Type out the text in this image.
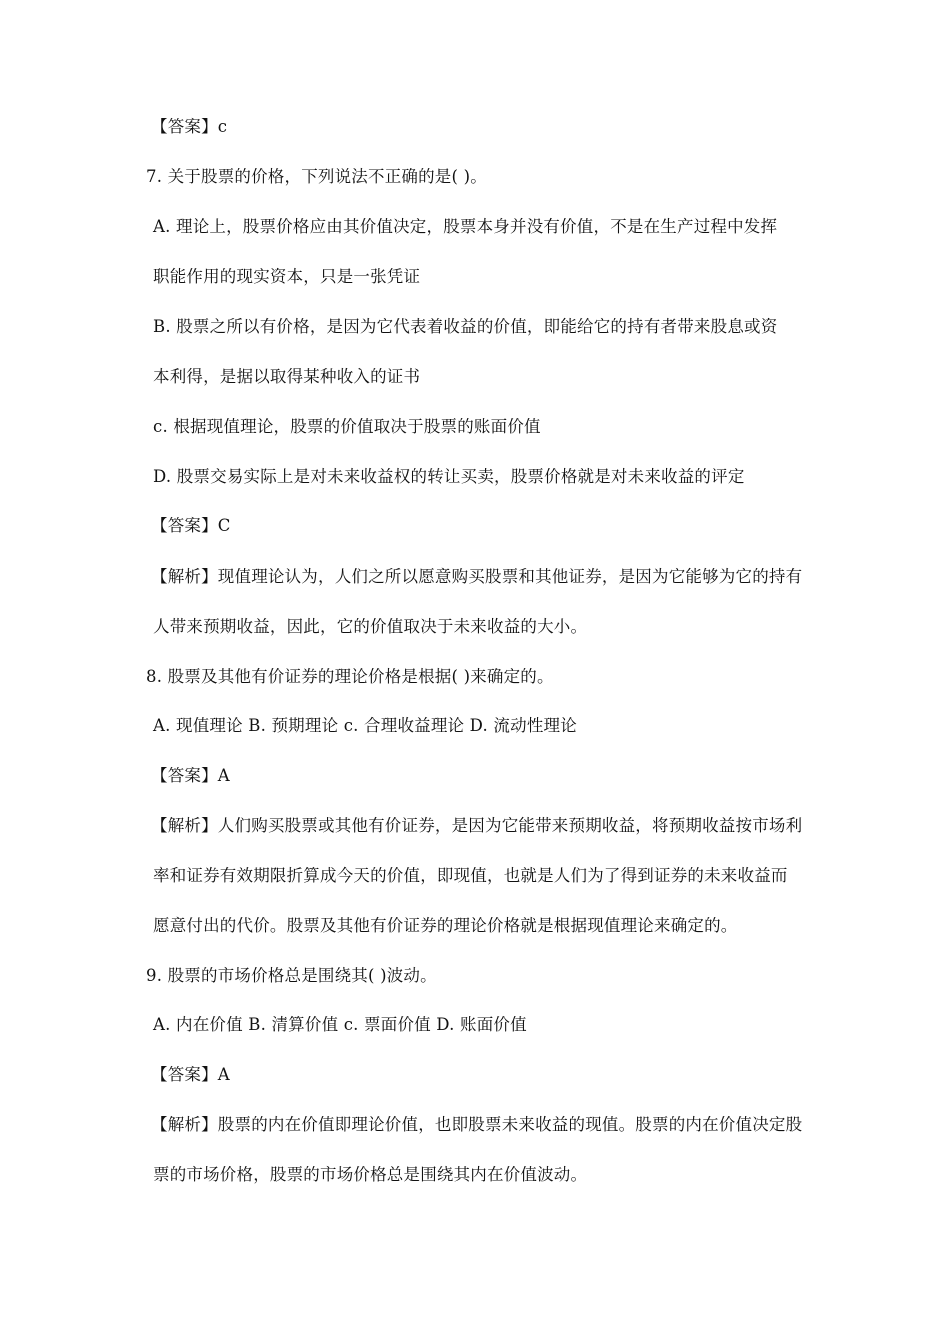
【答案】c
7. 关于股票的价格，下列说法不正确的是( )。
A. 理论上，股票价格应由其价值决定，股票本身并没有价值，不是在生产过程中发挥
职能作用的现实资本，只是一张凭证
B. 股票之所以有价格，是因为它代表着收益的价值，即能给它的持有者带来股息或资
本利得，是据以取得某种收入的证书
c. 根据现值理论，股票的价值取决于股票的账面价值
D. 股票交易实际上是对未来收益权的转让买卖，股票价格就是对未来收益的评定
【答案】C
【解析】现值理论认为，人们之所以愿意购买股票和其他证券，是因为它能够为它的持有
人带来预期收益，因此，它的价值取决于未来收益的大小。
8. 股票及其他有价证券的理论价格是根据( )来确定的。
A. 现值理论 B. 预期理论 c. 合理收益理论 D. 流动性理论
【答案】A
【解析】人们购买股票或其他有价证券，是因为它能带来预期收益，将预期收益按市场利
率和证券有效期限折算成今天的价值，即现值，也就是人们为了得到证券的未来收益而
愿意付出的代价。股票及其他有价证券的理论价格就是根据现值理论来确定的。
9. 股票的市场价格总是围绕其( )波动。
A. 内在价值 B. 清算价值 c. 票面价值 D. 账面价值
【答案】A
【解析】股票的内在价值即理论价值，也即股票未来收益的现值。股票的内在价值决定股
票的市场价格，股票的市场价格总是围绕其内在价值波动。
